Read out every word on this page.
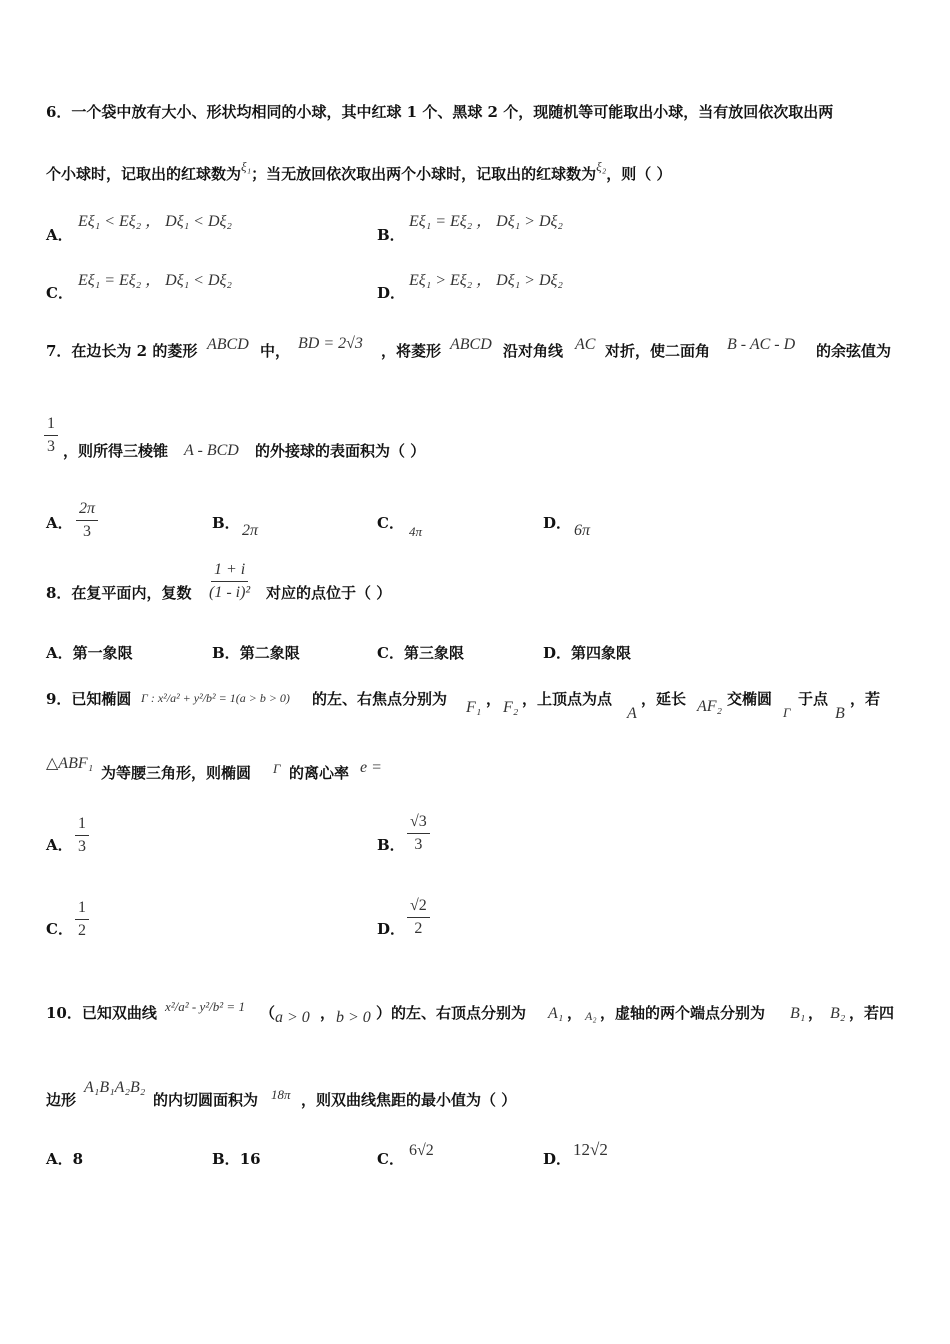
6．一个袋中放有大小、形状均相同的小球，其中红球 1 个、黑球 2 个，现随机等可能取出小球，当有放回依次取出两
个小球时，记取出的红球数为ξ₁；当无放回依次取出两个小球时，记取出的红球数为ξ₂，则（ ）
A．
Eξ₁ < Eξ₂ ， Dξ₁ < Dξ₂
B．
Eξ₁ = Eξ₂ ， Dξ₁ > Dξ₂
C．
Eξ₁ = Eξ₂ ， Dξ₁ < Dξ₂
D．
Eξ₁ > Eξ₂ ， Dξ₁ > Dξ₂
7．在边长为 2 的菱形 ABCD 中， BD = 2√3 ，将菱形 ABCD 沿对角线 AC 对折，使二面角 B - AC - D 的余弦值为
$\frac{1}{3}$ ，则所得三棱锥 A - BCD 的外接球的表面积为（ ）
A． $\frac{2\pi}{3}$	B． 2π	C． 4π	D． 6π
8．在复平面内，复数 $\frac{1 + i}{\text{(1 - i)²}}$ 对应的点位于（ ）
A．第一象限	B．第二象限	C．第三象限	D．第四象限
9．已知椭圆 Γ : x²/a² + y²/b² = 1(a > b > 0) 的左、右焦点分别为 F₁ ， F₂ ，上顶点为点
A
，延长 AF₂ 交椭圆
Γ
于点
B
，若
△ABF₁
为等腰三角形，则椭圆 Γ 的离心率 e =
A． $\frac{1}{3}$	B． $\frac{√3}{3}$
C． $\frac{1}{2}$	D． $\frac{√2}{2}$
10．已知双曲线 x²/a² - y²/b² = 1 （ a > 0 ， b > 0 ）的左、右顶点分别为 A₁ ， A₂ ，虚轴的两个端点分别为 B₁ ， B₂ ，若四
边形
A₁B₁A₂B₂
的内切圆面积为 18π ，则双曲线焦距的最小值为（ ）
A．8	B．16	C． 6√2	D． 12√2
